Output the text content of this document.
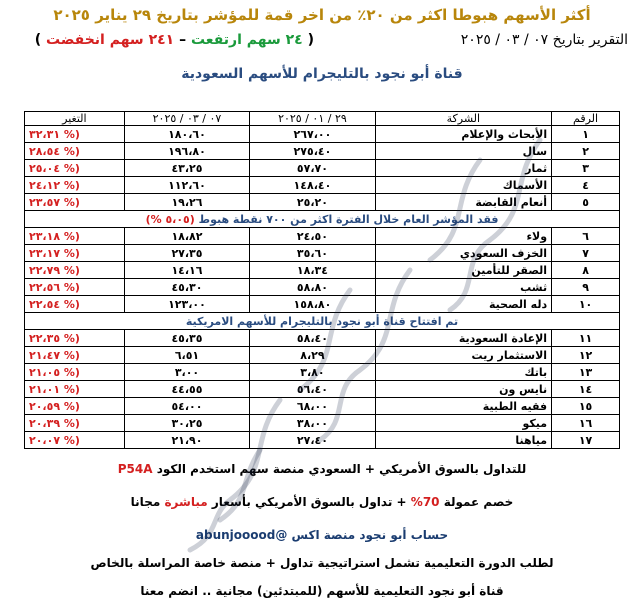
أكثر الأسهم هبوطا اكثر من ٢٠٪ من اخر قمة للمؤشر بتاريخ ٢٩ يناير ٢٠٢٥
التقرير بتاريخ ٠٧ / ٠٣ / ٢٠٢٥
( ٢٤ سهم ارتفعت – ٢٤١ سهم انخفضت )
قناة أبو نجود بالتليجرام للأسهم السعودية
الرقم	الشركة	٢٩ / ٠١ / ٢٠٢٥	٠٧ / ٠٣ / ٢٠٢٥	التغير
١	الأبحاث والإعلام	٢٦٧،٠٠	١٨٠،٦٠	(% ٣٢،٣١
٢	سال	٢٧٥،٤٠	١٩٦،٨٠	(% ٢٨،٥٤
٣	ثمار	٥٧،٧٠	٤٣،٢٥	(% ٢٥،٠٤
٤	الأسماك	١٤٨،٤٠	١١٢،٦٠	(% ٢٤،١٢
٥	أنعام القابضة	٢٥،٢٠	١٩،٢٦	(% ٢٣،٥٧
فقد المؤشر العام خلال الفترة اكثر من ٧٠٠ نقطة هبوط (٥،٠٥ %)				
٦	ولاء	٢٤،٥٠	١٨،٨٢	(% ٢٣،١٨
٧	الخزف السعودي	٣٥،٦٠	٢٧،٣٥	(% ٢٣،١٧
٨	الصقر للتأمين	١٨،٣٤	١٤،١٦	(% ٢٢،٧٩
٩	ثشب	٥٨،٨٠	٤٥،٣٠	(% ٢٢،٥٦
١٠	دله الصحية	١٥٨،٨٠	١٢٣،٠٠	(% ٢٢،٥٤
تم افتتاح قناة أبو نجود بالتليجرام للأسهم الامريكية				
١١	الإعادة السعودية	٥٨،٤٠	٤٥،٣٥	(% ٢٢،٣٥
١٢	الاستثمار ريت	٨،٢٩	٦،٥١	(% ٢١،٤٧
١٣	باتك	٣،٨٠	٣،٠٠	(% ٢١،٠٥
١٤	نايس ون	٥٦،٤٠	٤٤،٥٥	(% ٢١،٠١
١٥	فقيه الطبية	٦٨،٠٠	٥٤،٠٠	(% ٢٠،٥٩
١٦	ميكو	٣٨،٠٠	٣٠،٢٥	(% ٢٠،٣٩
١٧	مياهنا	٢٧،٤٠	٢١،٩٠	(% ٢٠،٠٧
للتداول بالسوق الأمريكي + السعودي منصة سهم استخدم الكود P54A
خصم عمولة 70% + تداول بالسوق الأمريكي بأسعار مباشرة مجانا
حساب أبو نجود منصة اكس @abunjooood
لطلب الدورة التعليمية تشمل استراتيجية تداول + منصة خاصة المراسلة بالخاص
قناة أبو نجود التعليمية للأسهم (للمبتدئين) مجانية .. انضم معنا
